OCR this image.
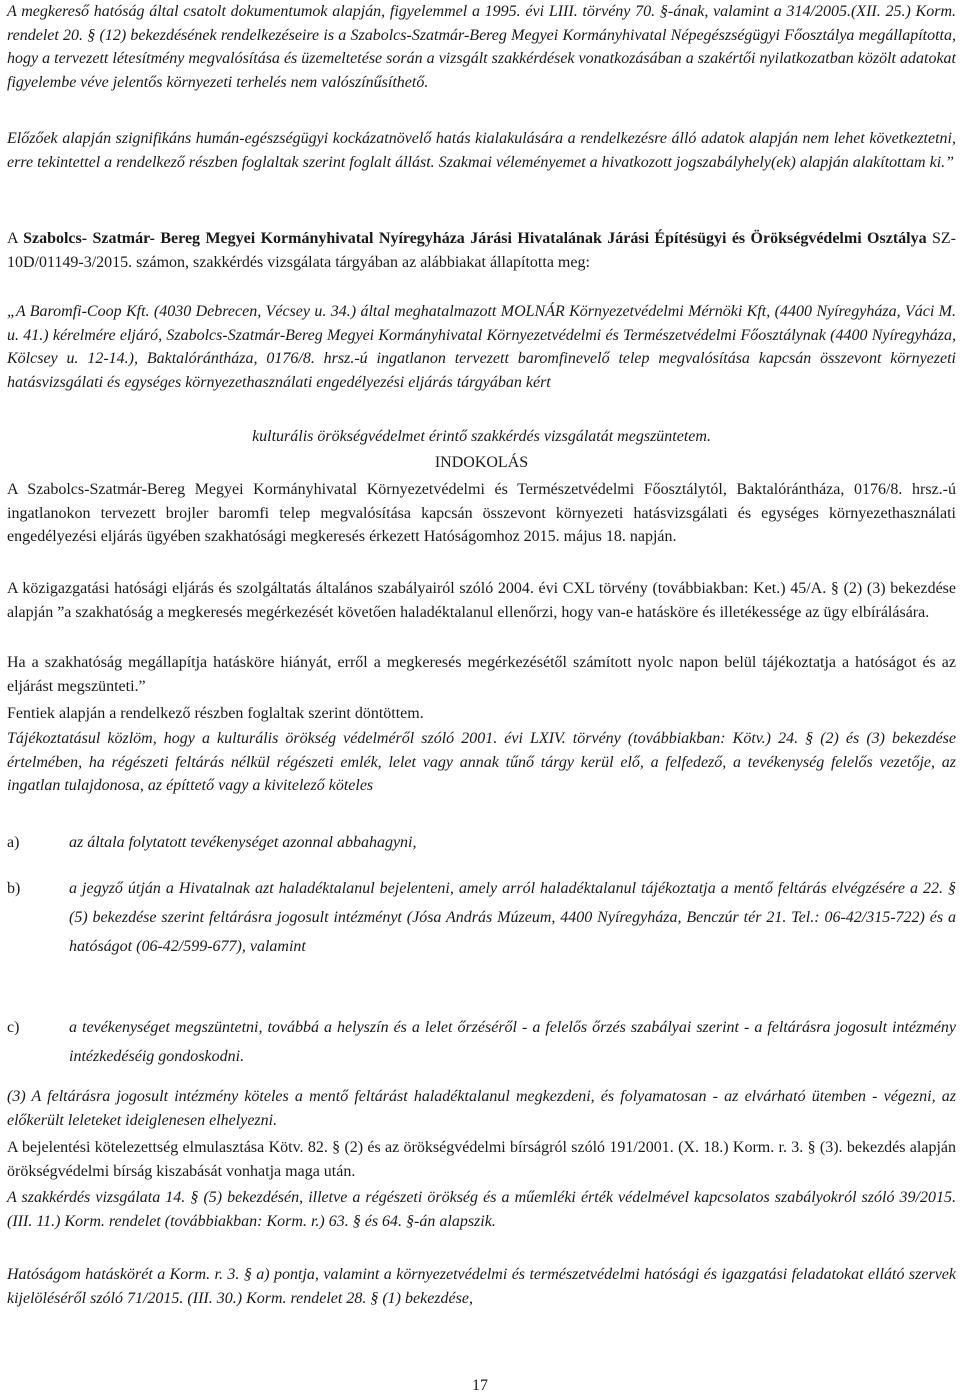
A megkereső hatóság által csatolt dokumentumok alapján, figyelemmel a 1995. évi LIII. törvény 70. §-ának, valamint a 314/2005.(XII. 25.) Korm. rendelet 20. § (12) bekezdésének rendelkezéseire is a Szabolcs-Szatmár-Bereg Megyei Kormányhivatal Népegészségügyi Főosztálya megállapította, hogy a tervezett létesítmény megvalósítása és üzemeltetése során a vizsgált szakkérdések vonatkozásában a szakértői nyilatkozatban közölt adatokat figyelembe véve jelentős környezeti terhelés nem valószínűsíthető.

Előzőek alapján szignifikáns humán-egészségügyi kockázatnövelő hatás kialakulására a rendelkezésre álló adatok alapján nem lehet következtetni, erre tekintettel a rendelkező részben foglaltak szerint foglalt állást. Szakmai véleményemet a hivatkozott jogszabályhely(ek) alapján alakítottam ki.”

A Szabolcs- Szatmár- Bereg Megyei Kormányhivatal Nyíregyháza Járási Hivatalának Járási Építésügyi és Örökségvédelmi Osztálya SZ-10D/01149-3/2015. számon, szakkérdés vizsgálata tárgyában az alábbiakat állapította meg:

„A Baromfi-Coop Kft. (4030 Debrecen, Vécsey u. 34.) által meghatalmazott MOLNÁR Környezetvédelmi Mérnöki Kft, (4400 Nyíregyháza, Váci M. u. 41.) kérelmére eljáró, Szabolcs-Szatmár-Bereg Megyei Kormányhivatal Környezetvédelmi és Természetvédelmi Főosztálynak (4400 Nyíregyháza, Kölcsey u. 12-14.), Baktalórántháza, 0176/8. hrsz.-ú ingatlanon tervezett baromfinevelő telep megvalósítása kapcsán összevont környezeti hatásvizsgálati és egységes környezethasználati engedélyezési eljárás tárgyában kért

kulturális örökségvédelmet érintő szakkérdés vizsgálatát megszüntetem.

INDOKOLÁS

A Szabolcs-Szatmár-Bereg Megyei Kormányhivatal Környezetvédelmi és Természetvédelmi Főosztálytól, Baktalórántháza, 0176/8. hrsz.-ú ingatlanokon tervezett brojler baromfi telep megvalósítása kapcsán összevont környezeti hatásvizsgálati és egységes környezethasználati engedélyezési eljárás ügyében szakhatósági megkeresés érkezett Hatóságomhoz 2015. május 18. napján.

A közigazgatási hatósági eljárás és szolgáltatás általános szabályairól szóló 2004. évi CXL törvény (továbbiakban: Ket.) 45/A. § (2) (3) bekezdése alapján ”a szakhatóság a megkeresés megérkezését követően haladéktalanul ellenőrzi, hogy van-e hatásköre és illetékessége az ügy elbírálására.

Ha a szakhatóság megállapítja hatásköre hiányát, erről a megkeresés megérkezésétől számított nyolc napon belül tájékoztatja a hatóságot és az eljárást megszünteti.”

Fentiek alapján a rendelkező részben foglaltak szerint döntöttem.

Tájékoztatásul közlöm, hogy a kulturális örökség védelméről szóló 2001. évi LXIV. törvény (továbbiakban: Kötv.) 24. § (2) és (3) bekezdése értelmében, ha régészeti feltárás nélkül régészeti emlék, lelet vagy annak tűnő tárgy kerül elő, a felfedező, a tevékenység felelős vezetője, az ingatlan tulajdonosa, az építtető vagy a kivitelező köteles

a)	az általa folytatott tevékenységet azonnal abbahagyni,
b)	a jegyző útján a Hivatalnak azt haladéktalanul bejelenteni, amely arról haladéktalanul tájékoztatja a mentő feltárás elvégzésére a 22. § (5) bekezdése szerint feltárásra jogosult intézményt (Jósa András Múzeum, 4400 Nyíregyháza, Benczúr tér 21. Tel.: 06-42/315-722) és a hatóságot (06-42/599-677), valamint
c)	a tevékenységet megszüntetni, továbbá a helyszín és a lelet őrzéséről - a felelős őrzés szabályai szerint - a feltárásra jogosult intézmény intézkedéséig gondoskodni.

(3) A feltárásra jogosult intézmény köteles a mentő feltárást haladéktalanul megkezdeni, és folyamatosan - az elvárható ütemben - végezni, az előkerült leleteket ideiglenesen elhelyezni.

A bejelentési kötelezettség elmulasztása Kötv. 82. § (2) és az örökségvédelmi bírságról szóló 191/2001. (X. 18.) Korm. r. 3. § (3). bekezdés alapján örökségvédelmi bírság kiszabását vonhatja maga után.

A szakkérdés vizsgálata 14. § (5) bekezdésén, illetve a régészeti örökség és a műemléki érték védelmével kapcsolatos szabályokról szóló 39/2015. (III. 11.) Korm. rendelet (továbbiakban: Korm. r.) 63. § és 64. §-án alapszik.

Hatóságom hatáskörét a Korm. r. 3. § a) pontja, valamint a környezetvédelmi és természetvédelmi hatósági és igazgatási feladatokat ellátó szervek kijelöléséről szóló 71/2015. (III. 30.) Korm. rendelet 28. § (1) bekezdése,

17
